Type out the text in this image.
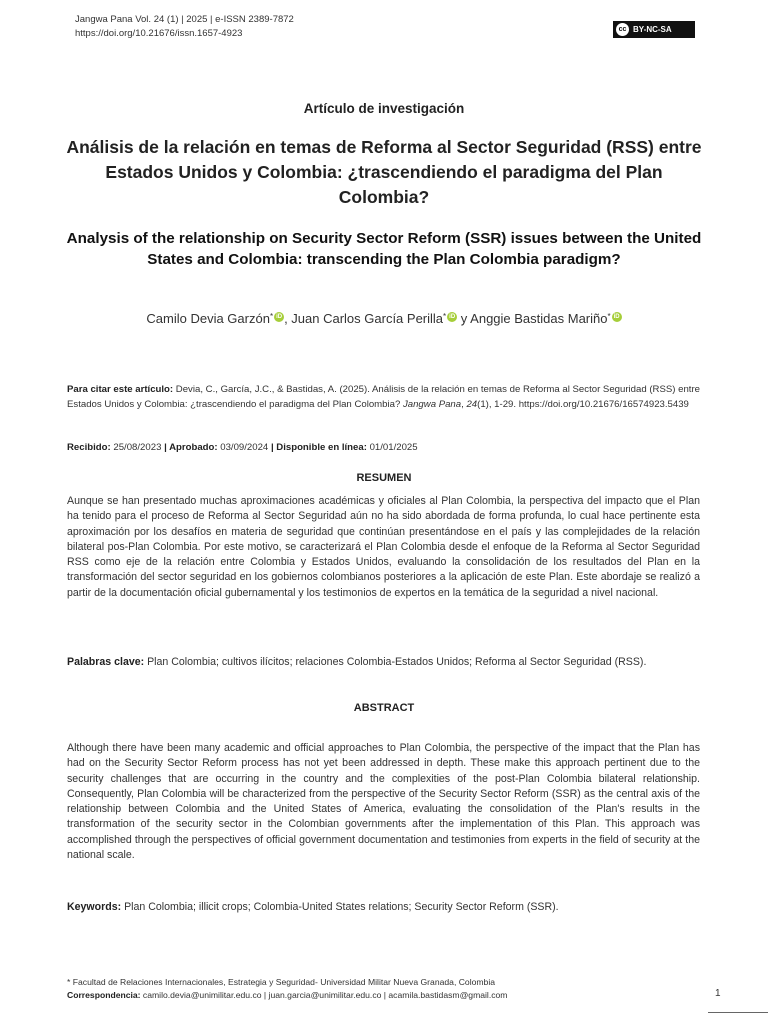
Jangwa Pana Vol. 24 (1) | 2025 | e-ISSN 2389-7872
https://doi.org/10.21676/issn.1657-4923	cc BY-NC-SA
Artículo de investigación
Análisis de la relación en temas de Reforma al Sector Seguridad (RSS) entre Estados Unidos y Colombia: ¿trascendiendo el paradigma del Plan Colombia?
Analysis of the relationship on Security Sector Reform (SSR) issues between the United States and Colombia: transcending the Plan Colombia paradigm?
Camilo Devia Garzón* iD , Juan Carlos García Perilla* iD y Anggie Bastidas Mariño* iD
Para citar este artículo: Devia, C., García, J.C., & Bastidas, A. (2025). Análisis de la relación en temas de Reforma al Sector Seguridad (RSS) entre Estados Unidos y Colombia: ¿trascendiendo el paradigma del Plan Colombia? Jangwa Pana, 24(1), 1-29. https://doi.org/10.21676/16574923.5439
Recibido: 25/08/2023 | Aprobado: 03/09/2024 | Disponible en línea: 01/01/2025
RESUMEN
Aunque se han presentado muchas aproximaciones académicas y oficiales al Plan Colombia, la perspectiva del impacto que el Plan ha tenido para el proceso de Reforma al Sector Seguridad aún no ha sido abordada de forma profunda, lo cual hace pertinente esta aproximación por los desafíos en materia de seguridad que continúan presentándose en el país y las complejidades de la relación bilateral pos-Plan Colombia. Por este motivo, se caracterizará el Plan Colombia desde el enfoque de la Reforma al Sector Seguridad RSS como eje de la relación entre Colombia y Estados Unidos, evaluando la consolidación de los resultados del Plan en la transformación del sector seguridad en los gobiernos colombianos posteriores a la aplicación de este Plan. Este abordaje se realizó a partir de la documentación oficial gubernamental y los testimonios de expertos en la temática de la seguridad a nivel nacional.
Palabras clave: Plan Colombia; cultivos ilícitos; relaciones Colombia-Estados Unidos; Reforma al Sector Seguridad (RSS).
ABSTRACT
Although there have been many academic and official approaches to Plan Colombia, the perspective of the impact that the Plan has had on the Security Sector Reform process has not yet been addressed in depth. These make this approach pertinent due to the security challenges that are occurring in the country and the complexities of the post-Plan Colombia bilateral relationship. Consequently, Plan Colombia will be characterized from the perspective of the Security Sector Reform (SSR) as the central axis of the relationship between Colombia and the United States of America, evaluating the consolidation of the Plan's results in the transformation of the security sector in the Colombian governments after the implementation of this Plan. This approach was accomplished through the perspectives of official government documentation and testimonies from experts in the field of security at the national scale.
Keywords: Plan Colombia; illicit crops; Colombia-United States relations; Security Sector Reform (SSR).
* Facultad de Relaciones Internacionales, Estrategia y Seguridad- Universidad Militar Nueva Granada, Colombia
Correspondencia: camilo.devia@unimilitar.edu.co | juan.garcia@unimilitar.edu.co | acamila.bastidasm@gmail.com	1
